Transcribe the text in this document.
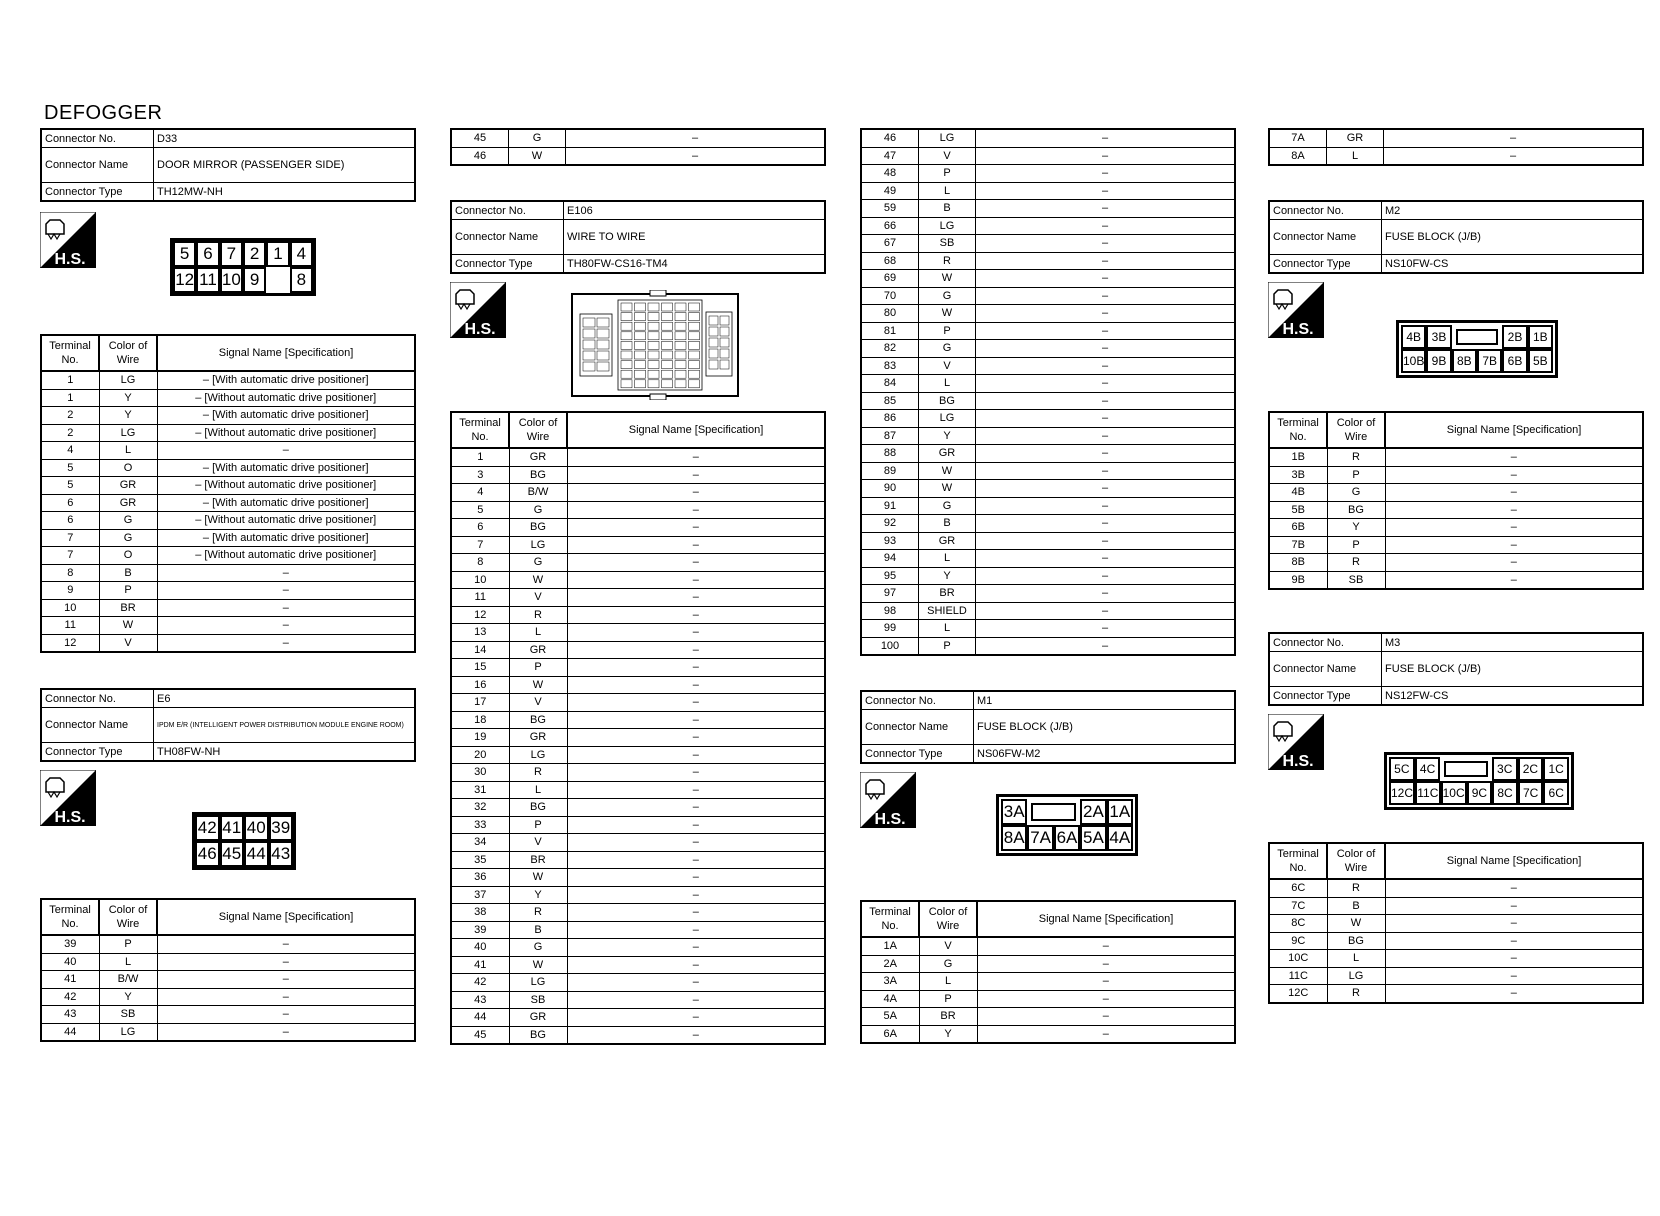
DEFOGGER
Connector No.	D33
Connector Name	DOOR MIRROR (PASSENGER SIDE)
Connector Type	TH12MW-NH
H.S.	5 6 7 2 1 4
12 11 10 9	8
Terminal No.	Color of Wire	Signal Name [Specification]
1	LG	– [With automatic drive positioner]
1	Y	– [Without automatic drive positioner]
2	Y	– [With automatic drive positioner]
2	LG	– [Without automatic drive positioner]
4	L	–
5	O	– [With automatic drive positioner]
5	GR	– [Without automatic drive positioner]
6	GR	– [With automatic drive positioner]
6	G	– [Without automatic drive positioner]
7	G	– [With automatic drive positioner]
7	O	– [Without automatic drive positioner]
8	B	–
9	P	–
10	BR	–
11	W	–
12	V	–
Connector No.	E6
Connector Name	IPDM E/R (INTELLIGENT POWER DISTRIBUTION MODULE ENGINE ROOM)
Connector Type	TH08FW-NH
H.S.
42 41 40 39
46 45 44 43
Terminal No.	Color of Wire	Signal Name [Specification]
39	P	–
40	L	–
41	B/W	–
42	Y	–
43	SB	–
44	LG	–
45	G	–
46	W	–
Connector No.	E106
Connector Name	WIRE TO WIRE
Connector Type	TH80FW-CS16-TM4
H.S.
Terminal No.	Color of Wire	Signal Name [Specification]
1	GR	–
3	BG	–
4	B/W	–
5	G	–
6	BG	–
7	LG	–
8	G	–
10	W	–
11	V	–
12	R	–
13	L	–
14	GR	–
15	P	–
16	W	–
17	V	–
18	BG	–
19	GR	–
20	LG	–
30	R	–
31	L	–
32	BG	–
33	P	–
34	V	–
35	BR	–
36	W	–
37	Y	–
38	R	–
39	B	–
40	G	–
41	W	–
42	LG	–
43	SB	–
44	GR	–
45	BG	–
46	LG	–
47	V	–
48	P	–
49	L	–
59	B	–
66	LG	–
67	SB	–
68	R	–
69	W	–
70	G	–
80	W	–
81	P	–
82	G	–
83	V	–
84	L	–
85	BG	–
86	LG	–
87	Y	–
88	GR	–
89	W	–
90	W	–
91	G	–
92	B	–
93	GR	–
94	L	–
95	Y	–
97	BR	–
98	SHIELD	–
99	L	–
100	P	–
Connector No.	M1
Connector Name	FUSE BLOCK (J/B)
Connector Type	NS06FW-M2
H.S.	3A	2A 1A
8A 7A 6A 5A 4A
Terminal No.	Color of Wire	Signal Name [Specification]
1A	V	–
2A	G	–
3A	L	–
4A	P	–
5A	BR	–
6A	Y	–
7A	GR	–
8A	L	–
Connector No.	M2
Connector Name	FUSE BLOCK (J/B)
Connector Type	NS10FW-CS
H.S.	4B 3B	2B 1B
10B 9B 8B 7B 6B 5B
Terminal No.	Color of Wire	Signal Name [Specification]
1B	R	–
3B	P	–
4B	G	–
5B	BG	–
6B	Y	–
7B	P	–
8B	R	–
9B	SB	–
Connector No.	M3
Connector Name	FUSE BLOCK (J/B)
Connector Type	NS12FW-CS
H.S.	5C 4C	3C 2C 1C
12C 11C 10C 9C 8C 7C 6C
Terminal No.	Color of Wire	Signal Name [Specification]
6C	R	–
7C	B	–
8C	W	–
9C	BG	–
10C	L	–
11C	LG	–
12C	R	–
